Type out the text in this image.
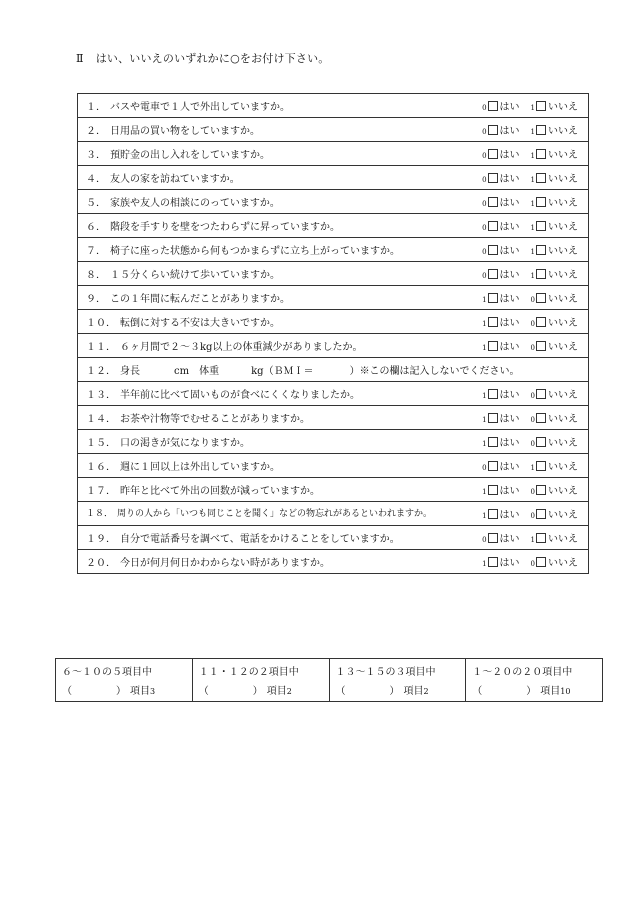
Ⅱ はい、いいえのいずれかに○をお付け下さい。
１． バスや電車で１人で外出していますか。	0 はい 1 いいえ

２． 日用品の買い物をしていますか。	0 はい 1 いいえ

３． 預貯金の出し入れをしていますか。	0 はい 1 いいえ

４． 友人の家を訪ねていますか。	0 はい 1 いいえ

５． 家族や友人の相談にのっていますか。	0 はい 1 いいえ

６． 階段を手すりを壁をつたわらずに昇っていますか。	0 はい 1 いいえ

７． 椅子に座った状態から何もつかまらずに立ち上がっていますか。	0 はい 1 いいえ

８． １５分くらい続けて歩いていますか。	0 はい 1 いいえ

９． この１年間に転んだことがありますか。	1 はい 0 いいえ

１０． 転倒に対する不安は大きいですか。	1 はい 0 いいえ

１１． ６ヶ月間で２～３kg以上の体重減少がありましたか。	1 はい 0 いいえ

１２． 身長	cm 体重	kg（ＢＭＩ＝	）※この欄は記入しないでください。
１３． 半年前に比べて固いものが食べにくくなりましたか。	1 はい 0 いいえ

１４． お茶や汁物等でむせることがありますか。	1 はい 0 いいえ

１５． 口の渇きが気になりますか。	1 はい 0 いいえ

１６． 週に１回以上は外出していますか。	0 はい 1 いいえ

１７． 昨年と比べて外出の回数が減っていますか。	1 はい 0 いいえ

１８． 周りの人から「いつも同じことを聞く」などの物忘れがあるといわれますか。	1 はい 0 いいえ

１９． 自分で電話番号を調べて、電話をかけることをしていますか。	0 はい 1 いいえ

２０． 今日が何月何日かわからない時がありますか。	1 はい 0 いいえ
６～１０の５項目中
（	） 項目3

１１・１２の２項目中
（	） 項目2

１３～１５の３項目中
（	） 項目2

１～２０の２０項目中
（	） 項目10
